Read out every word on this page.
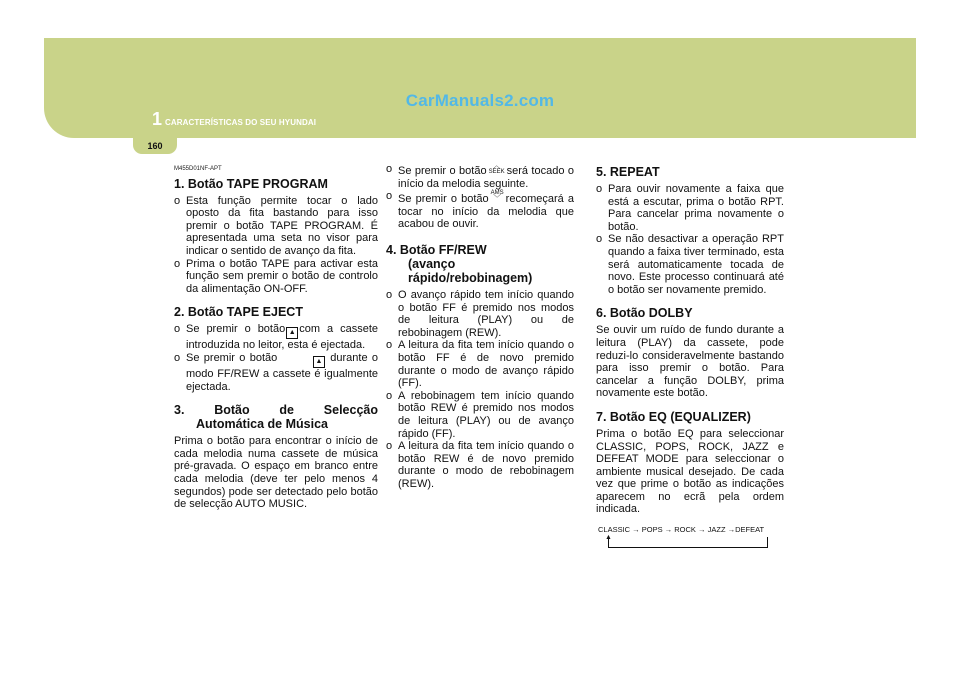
CarManuals2.com
1 CARACTERÍSTICAS DO SEU HYUNDAI
160
M455D01NF-APT
1. Botão TAPE PROGRAM
o Esta função permite tocar o lado oposto da fita bastando para isso premir o botão TAPE PROGRAM. É apresentada uma seta no visor para indicar o sentido de avanço da fita.
o Prima o botão TAPE para activar esta função sem premir o botão de controlo da alimentação ON-OFF.
2. Botão TAPE EJECT
o Se premir o botão ▲ com a cassete introduzida no leitor, esta é ejectada.
o Se premir o botão	▲ durante o modo FF/REW a cassete é igualmente ejectada.
3. Botão de Selecção
Automática de Música
Prima o botão para encontrar o início de cada melodia numa cassete de música pré-gravada. O espaço em branco entre cada melodia (deve ter pelo menos 4 segundos) pode ser detectado pelo botão de selecção AUTO MUSIC.
o Se premir o botão ︿
SEEK será tocado o início da melodia seguinte.
o Se premir o botão AMS
﹀ recomeçará a tocar no início da melodia que acabou de ouvir.
4. Botão FF/REW
(avanço rápido/rebobinagem)
o O avanço rápido tem início quando o botão FF é premido nos modos de leitura (PLAY) ou de rebobinagem (REW).
o A leitura da fita tem início quando o botão FF é de novo premido durante o modo de avanço rápido (FF).
o A rebobinagem tem início quando botão REW é premido nos modos de leitura (PLAY) ou de avanço rápido (FF).
o A leitura da fita tem início quando o botão REW é de novo premido durante o modo de rebobinagem (REW).
5. REPEAT
o Para ouvir novamente a faixa que está a escutar, prima o botão RPT. Para cancelar prima novamente o botão.
o Se não desactivar a operação RPT quando a faixa tiver terminado, esta será automaticamente tocada de novo. Este processo continuará até o botão ser novamente premido.
6. Botão DOLBY
Se ouvir um ruído de fundo durante a leitura (PLAY) da cassete, pode reduzi-lo consideravelmente bastando para isso premir o botão. Para cancelar a função DOLBY, prima novamente este botão.
7. Botão EQ (EQUALIZER)
Prima o botão EQ para seleccionar CLASSIC, POPS, ROCK, JAZZ e DEFEAT MODE para seleccionar o ambiente musical desejado. De cada vez que prime o botão as indicações aparecem no ecrã pela ordem indicada.
CLASSIC → POPS → ROCK → JAZZ →DEFEAT
▲
